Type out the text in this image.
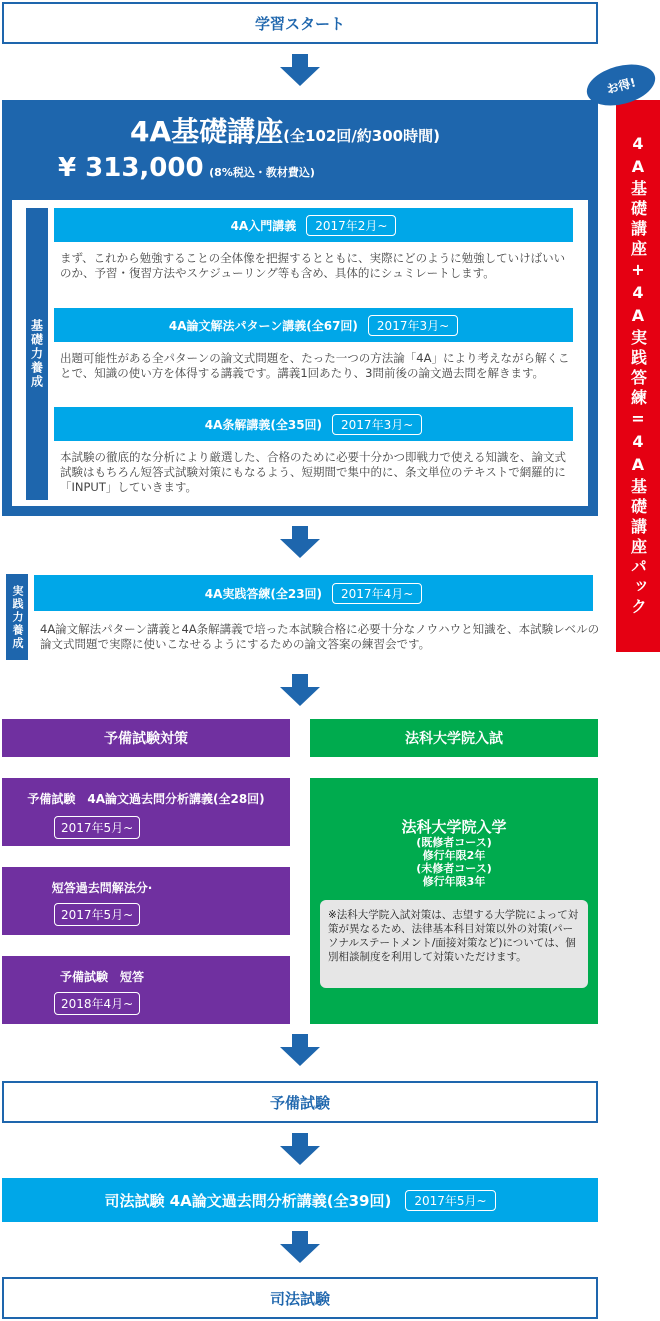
学習スタート
4A基礎講座(全102回/約300時間)
¥ 313,000 (8%税込・教材費込)
基礎力養成
4A入門講義	2017年2月~
まず、これから勉強することの全体像を把握するとともに、実際にどのように勉強していけばいいのか、予習・復習方法やスケジューリング等も含め、具体的にシュミレートします。
4A論文解法パターン講義(全67回)	2017年3月~
出題可能性がある全パターンの論文式問題を、たった一つの方法論「4A」により考えながら解くことで、知識の使い方を体得する講義です。講義1回あたり、3問前後の論文過去問を解きます。
4A条解講義(全35回)	2017年3月~
本試験の徹底的な分析により厳選した、合格のために必要十分かつ即戦力で使える知識を、論文式試験はもちろん短答式試験対策にもなるよう、短期間で集中的に、条文単位のテキストで網羅的に「INPUT」していきます。	4A基礎講座+4A実践答練=4A基礎講座パック
お得!
実践力養成	4A実践答練(全23回)	2017年4月~
4A論文解法パターン講義と4A条解講義で培った本試験合格に必要十分なノウハウと知識を、本試験レベルの論文式問題で実際に使いこなせるようにするための論文答案の練習会です。
予備試験対策	法科大学院入試
予備試験　4A論文過去問分析講義(全28回)
2017年5月~
短答過去問解法分·
2017年5月~
予備試験　短答
2018年4月~
法科大学院入学
(既修者コース)
修行年限2年
(未修者コース)
修行年限3年
※法科大学院入試対策は、志望する大学院によって対策が異なるため、法律基本科目対策以外の対策(パーソナルステートメント/面接対策など)については、個別相談制度を利用して対策いただけます。
予備試験
司法試験 4A論文過去問分析講義(全39回)	2017年5月~
司法試験
